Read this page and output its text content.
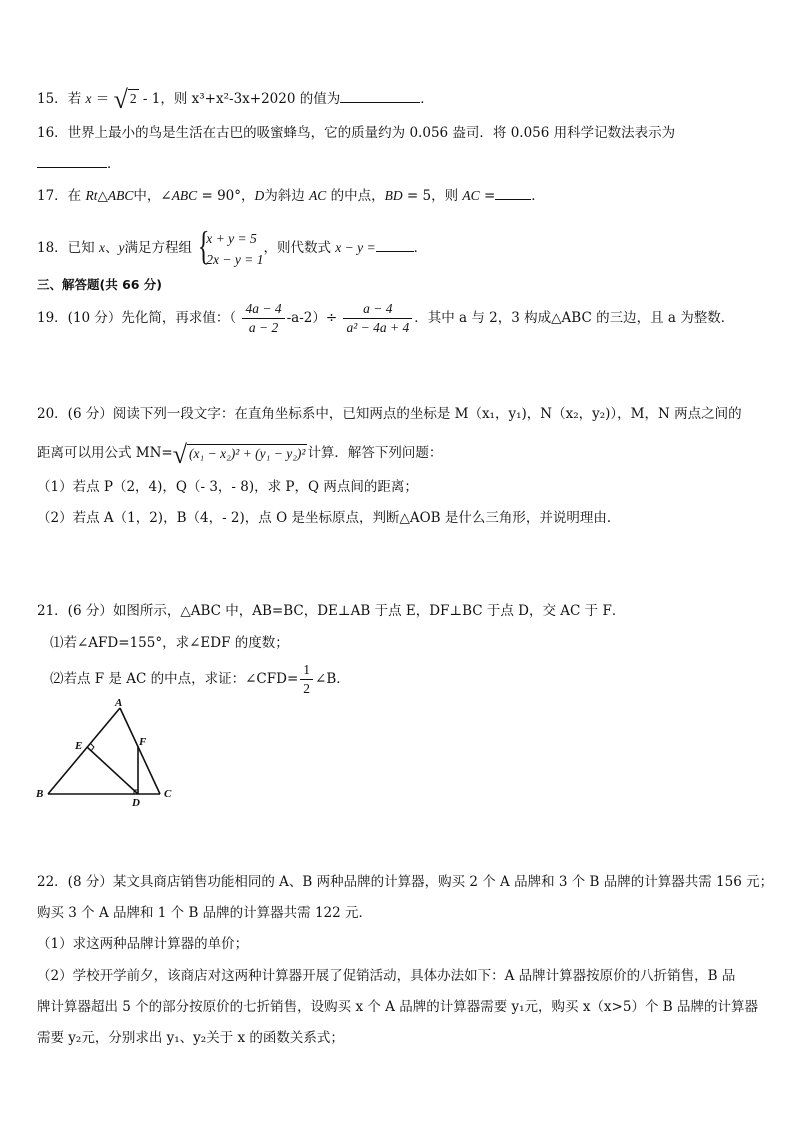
15．若 x ＝ √ 2 - 1，则 x³+x²-3x+2020 的值为	．
16．世界上最小的鸟是生活在古巴的吸蜜蜂鸟，它的质量约为 0.056 盎司．将 0.056 用科学记数法表示为
．
17．在 Rt△ABC中，∠ABC = 90°，D为斜边 AC 的中点，BD = 5，则 AC =	．
18．已知 x、y满足方程组 {
x + y = 5
2x − y = 1
，则代数式 x − y =	．
三、解答题(共 66 分)
19．(10 分）先化简，再求值：（ $\frac{4a - 4}{a - 2} -a-2)\div \frac{a - 4}{\text{a² − 4a + 4}}$ ．其中 a 与 2，3 构成△ABC 的三边，且 a 为整数．
20．(6 分）阅读下列一段文字：在直角坐标系中，已知两点的坐标是 M（x₁，y₁)，N（x₂，y₂)），M，N 两点之间的
距离可以用公式 MN=√ (x₁ − x₂)² + (y₁ − y₂)² 计算．解答下列问题：
（1）若点 P（2，4)，Q（- 3，- 8)，求 P，Q 两点间的距离；
（2）若点 A（1，2)，B（4，- 2)，点 O 是坐标原点，判断△AOB 是什么三角形，并说明理由．
21．(6 分）如图所示，△ABC 中，AB=BC，DE⊥AB 于点 E，DF⊥BC 于点 D，交 AC 于 F．
⑴若∠AFD=155°，求∠EDF 的度数；
⑵若点 F 是 AC 的中点，求证：∠CFD= $\frac{1}{2}$ ∠B．
A
B	C
D
E	F
22．(8 分）某文具商店销售功能相同的 A、B 两种品牌的计算器，购买 2 个 A 品牌和 3 个 B 品牌的计算器共需 156 元；
购买 3 个 A 品牌和 1 个 B 品牌的计算器共需 122 元．
（1）求这两种品牌计算器的单价；
（2）学校开学前夕，该商店对这两种计算器开展了促销活动，具体办法如下：A 品牌计算器按原价的八折销售，B 品
牌计算器超出 5 个的部分按原价的七折销售，设购买 x 个 A 品牌的计算器需要 y₁元，购买 x（x>5）个 B 品牌的计算器
需要 y₂元，分别求出 y₁、y₂关于 x 的函数关系式；
